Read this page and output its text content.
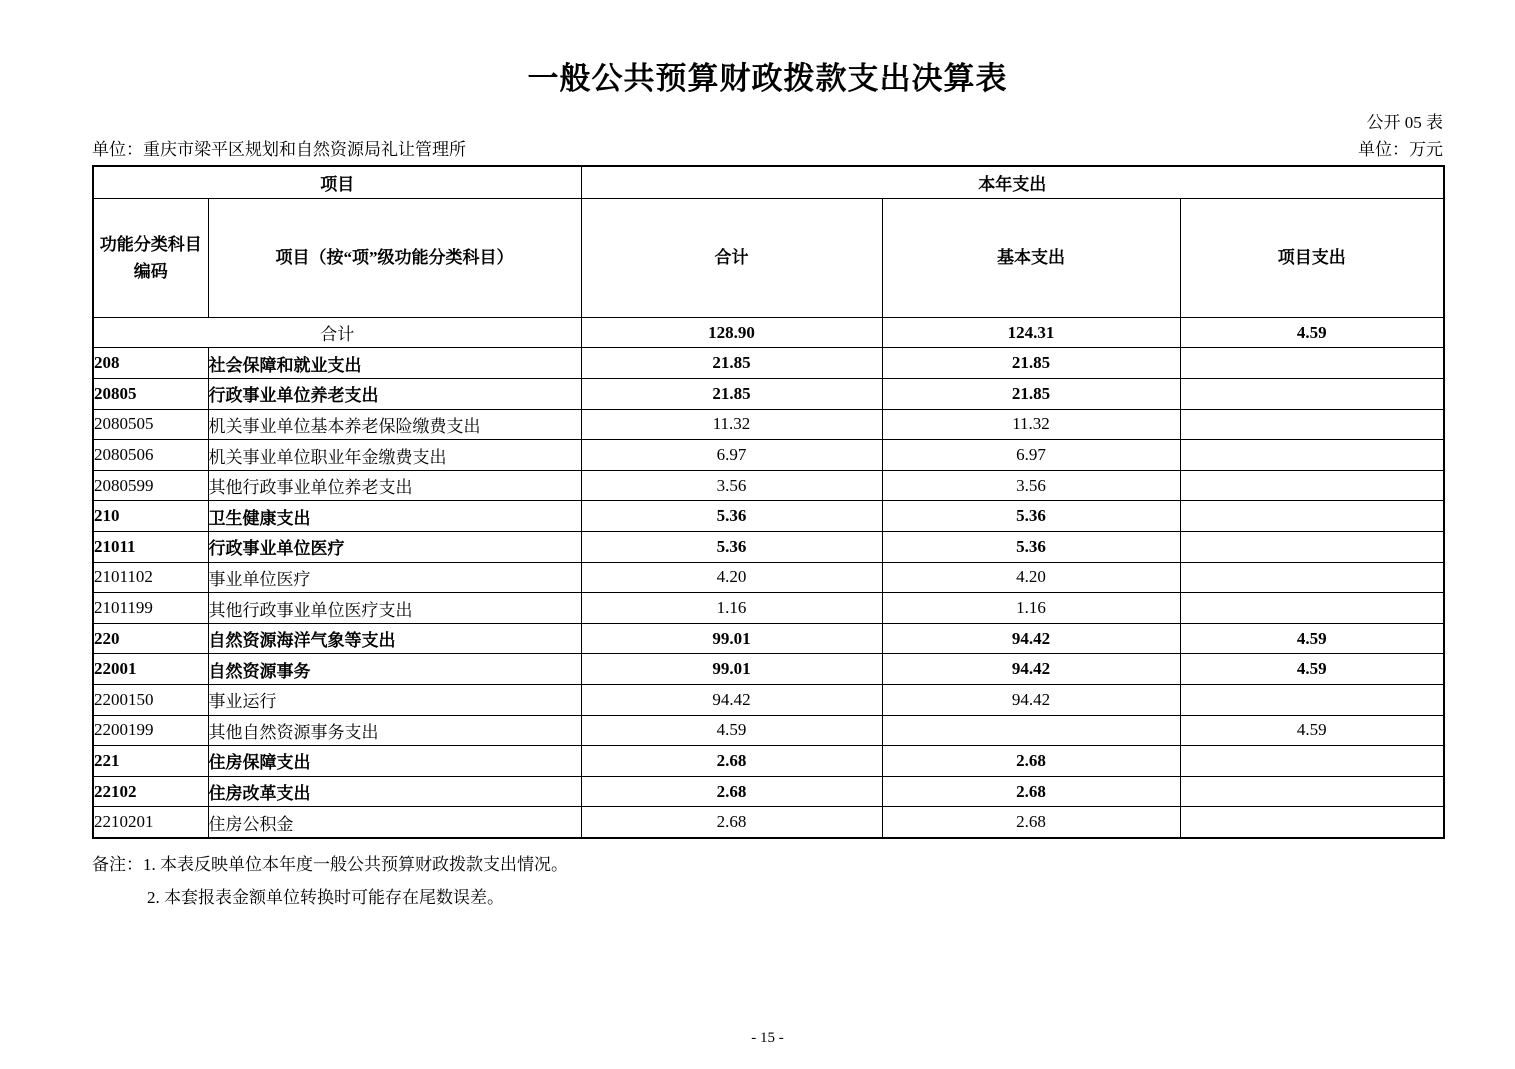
一般公共预算财政拨款支出决算表
公开 05 表
单位：重庆市梁平区规划和自然资源局礼让管理所	单位：万元
项目		本年支出		
功能分类科目
编码	项目（按“项”级功能分类科目）	合计	基本支出	项目支出
合计		128.90	124.31	4.59
208	社会保障和就业支出	21.85	21.85	
20805	行政事业单位养老支出	21.85	21.85	
2080505	机关事业单位基本养老保险缴费支出	11.32	11.32	
2080506	机关事业单位职业年金缴费支出	6.97	6.97	
2080599	其他行政事业单位养老支出	3.56	3.56	
210	卫生健康支出	5.36	5.36	
21011	行政事业单位医疗	5.36	5.36	
2101102	事业单位医疗	4.20	4.20	
2101199	其他行政事业单位医疗支出	1.16	1.16	
220	自然资源海洋气象等支出	99.01	94.42	4.59
22001	自然资源事务	99.01	94.42	4.59
2200150	事业运行	94.42	94.42	
2200199	其他自然资源事务支出	4.59		4.59
221	住房保障支出	2.68	2.68	
22102	住房改革支出	2.68	2.68	
2210201	住房公积金	2.68	2.68	
备注：1. 本表反映单位本年度一般公共预算财政拨款支出情况。
2. 本套报表金额单位转换时可能存在尾数误差。
- 15 -
